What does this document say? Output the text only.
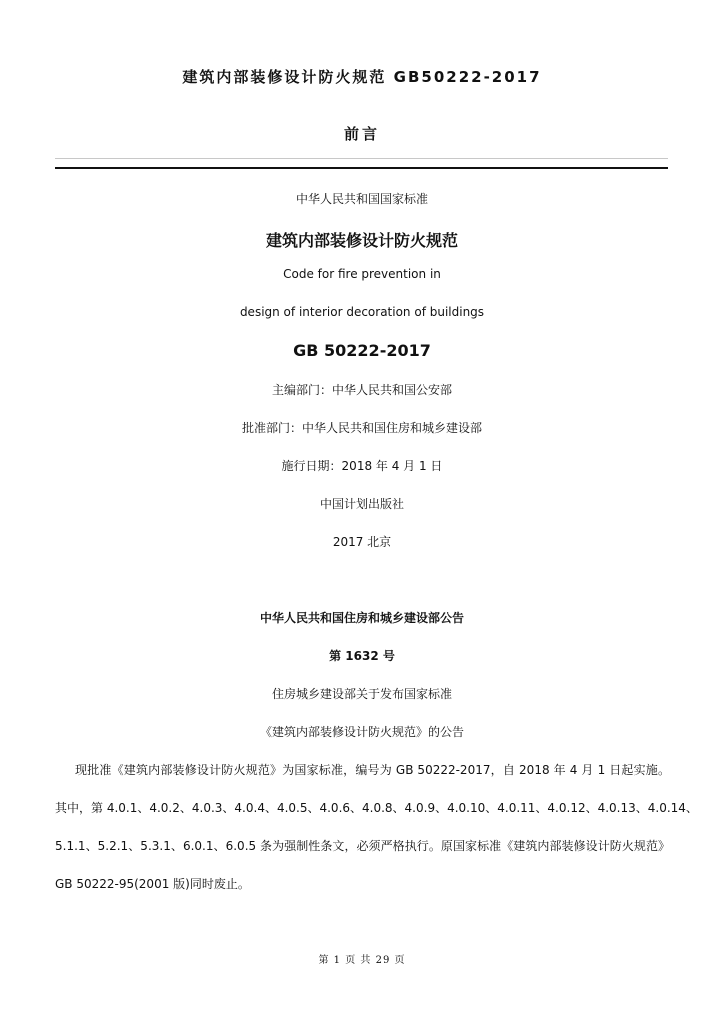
建筑内部装修设计防火规范 GB50222-2017
前言
中华人民共和国国家标准
建筑内部装修设计防火规范
Code for fire prevention in
design of interior decoration of buildings
GB 50222-2017
主编部门：中华人民共和国公安部
批准部门：中华人民共和国住房和城乡建设部
施行日期：2018 年 4 月 1 日
中国计划出版社
2017 北京
中华人民共和国住房和城乡建设部公告
第 1632 号
住房城乡建设部关于发布国家标准
《建筑内部装修设计防火规范》的公告
现批准《建筑内部装修设计防火规范》为国家标准，编号为 GB 50222-2017，自 2018 年 4 月 1 日起实施。
其中，第 4.0.1、4.0.2、4.0.3、4.0.4、4.0.5、4.0.6、4.0.8、4.0.9、4.0.10、4.0.11、4.0.12、4.0.13、4.0.14、
5.1.1、5.2.1、5.3.1、6.0.1、6.0.5 条为强制性条文，必须严格执行。原国家标准《建筑内部装修设计防火规范》
GB 50222-95(2001 版)同时废止。
第 1 页 共 29 页
